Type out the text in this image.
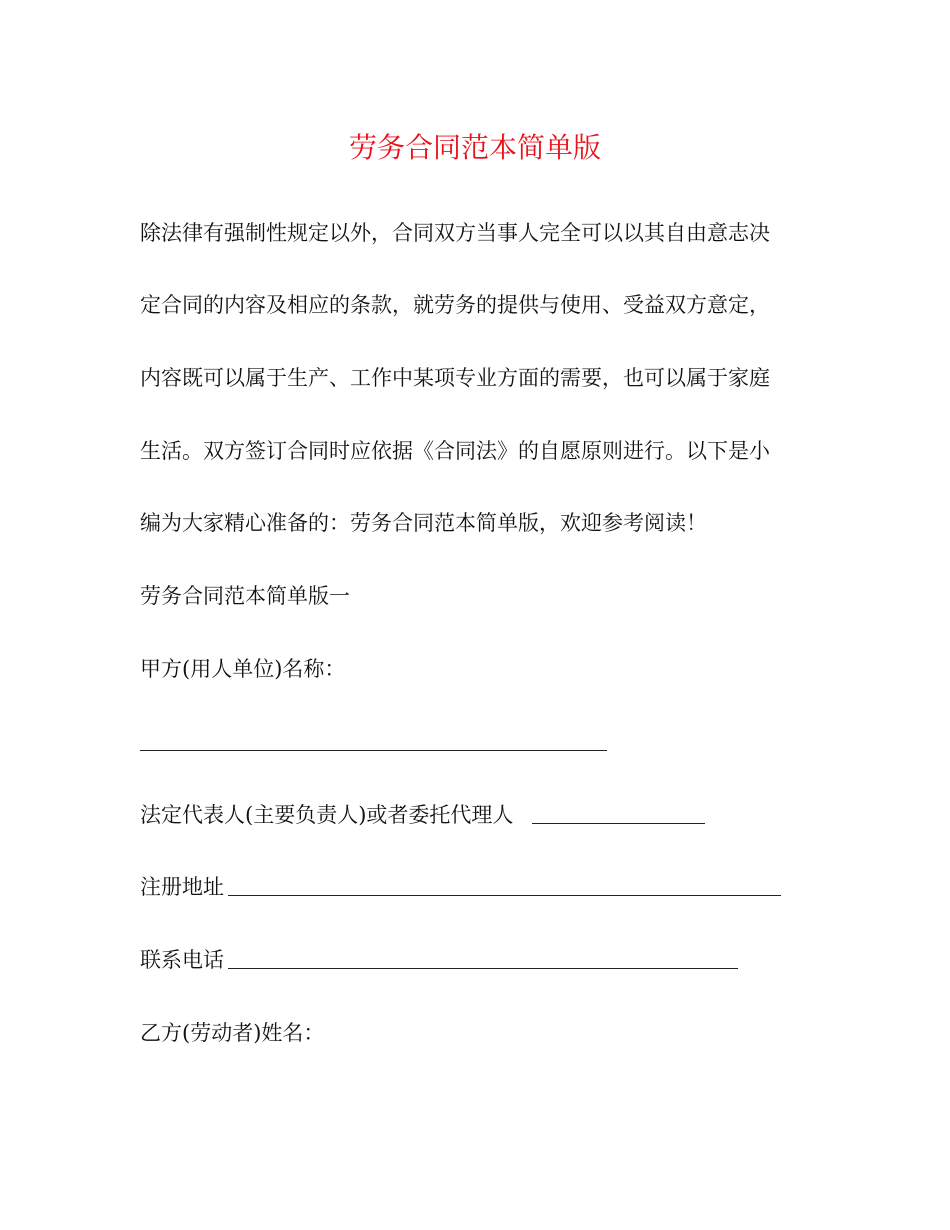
劳务合同范本简单版
除法律有强制性规定以外，合同双方当事人完全可以以其自由意志决
定合同的内容及相应的条款，就劳务的提供与使用、受益双方意定，
内容既可以属于生产、工作中某项专业方面的需要，也可以属于家庭
生活。双方签订合同时应依据《合同法》的自愿原则进行。以下是小
编为大家精心准备的：劳务合同范本简单版，欢迎参考阅读！
劳务合同范本简单版一
甲方(用人单位)名称：
法定代表人(主要负责人)或者委托代理人
注册地址
联系电话
乙方(劳动者)姓名：
